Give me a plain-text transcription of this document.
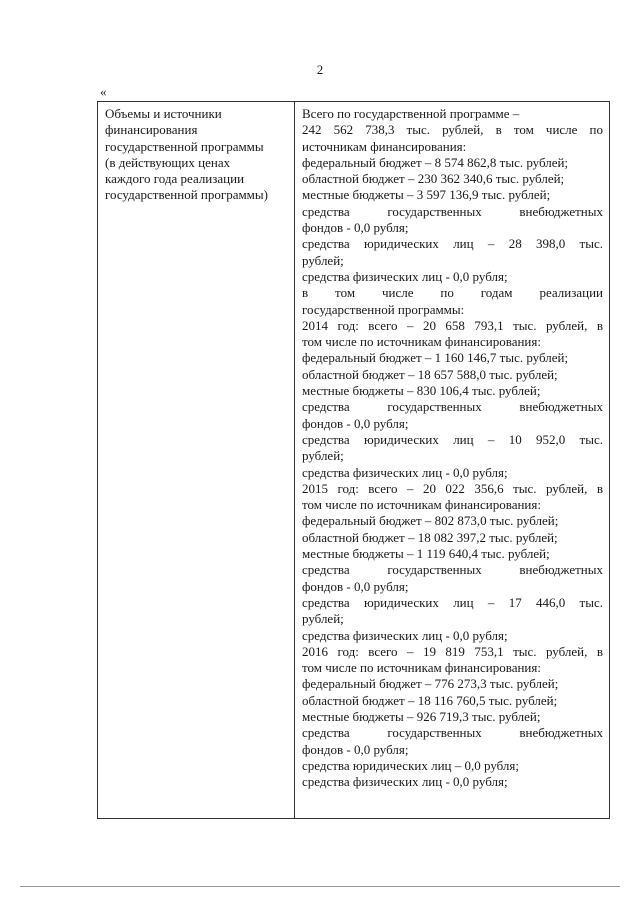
2
«
Объемы и источники
финансирования
государственной программы
(в действующих ценах
каждого года реализации
государственной программы)
Всего по государственной программе –
242 562 738,3 тыс. рублей, в том числе по
источникам финансирования:
федеральный бюджет – 8 574 862,8 тыс. рублей;
областной бюджет – 230 362 340,6 тыс. рублей;
местные бюджеты – 3 597 136,9 тыс. рублей;
средства государственных внебюджетных
фондов - 0,0 рубля;
средства юридических лиц – 28 398,0 тыс.
рублей;
средства физических лиц - 0,0 рубля;
в том числе по годам реализации
государственной программы:
2014 год: всего – 20 658 793,1 тыс. рублей, в
том числе по источникам финансирования:
федеральный бюджет – 1 160 146,7 тыс. рублей;
областной бюджет – 18 657 588,0 тыс. рублей;
местные бюджеты – 830 106,4 тыс. рублей;
средства государственных внебюджетных
фондов - 0,0 рубля;
средства юридических лиц – 10 952,0 тыс.
рублей;
средства физических лиц - 0,0 рубля;
2015 год: всего – 20 022 356,6 тыс. рублей, в
том числе по источникам финансирования:
федеральный бюджет – 802 873,0 тыс. рублей;
областной бюджет – 18 082 397,2 тыс. рублей;
местные бюджеты – 1 119 640,4 тыс. рублей;
средства государственных внебюджетных
фондов - 0,0 рубля;
средства юридических лиц – 17 446,0 тыс.
рублей;
средства физических лиц - 0,0 рубля;
2016 год: всего – 19 819 753,1 тыс. рублей, в
том числе по источникам финансирования:
федеральный бюджет – 776 273,3 тыс. рублей;
областной бюджет – 18 116 760,5 тыс. рублей;
местные бюджеты – 926 719,3 тыс. рублей;
средства государственных внебюджетных
фондов - 0,0 рубля;
средства юридических лиц – 0,0 рубля;
средства физических лиц - 0,0 рубля;
